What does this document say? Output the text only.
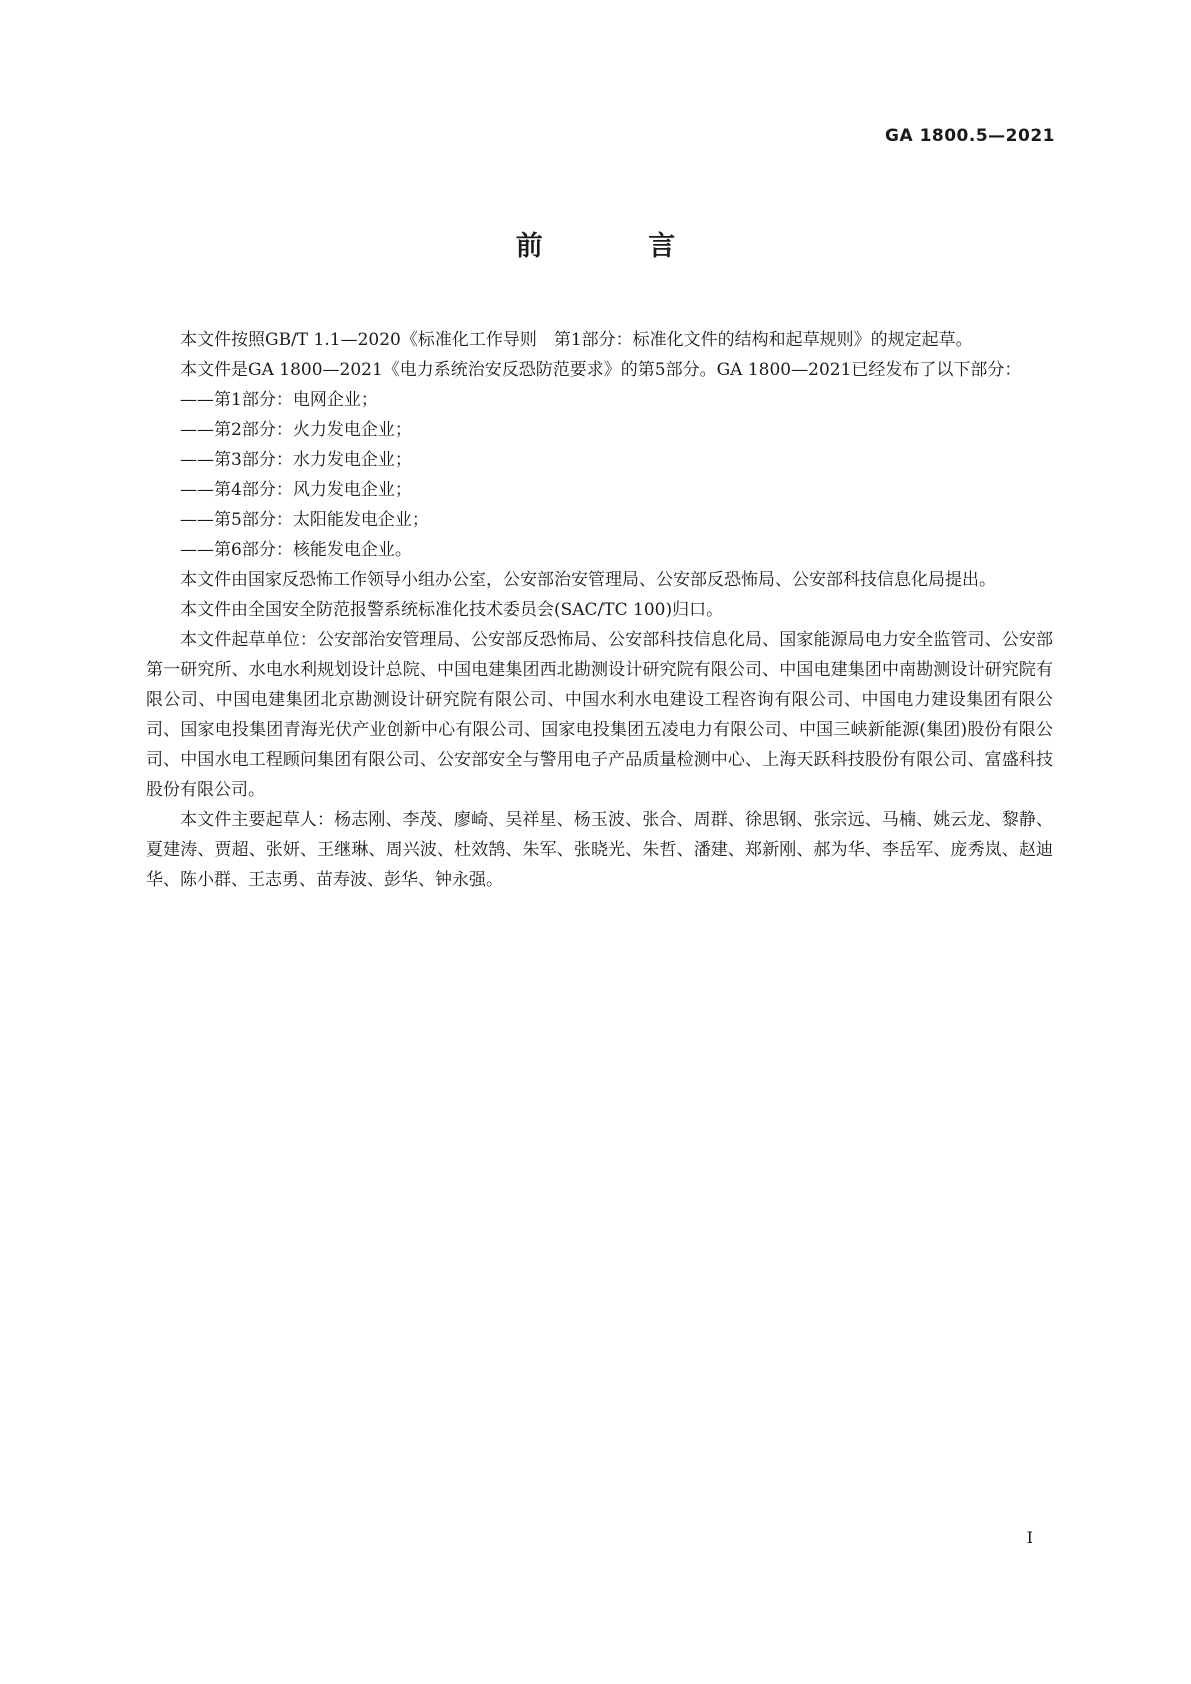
GA 1800.5—2021
前 言

本文件按照GB/T 1.1—2020《标准化工作导则　第1部分：标准化文件的结构和起草规则》的规定起草。

本文件是GA 1800—2021《电力系统治安反恐防范要求》的第5部分。GA 1800—2021已经发布了以下部分：

——第1部分：电网企业；

——第2部分：火力发电企业；

——第3部分：水力发电企业；

——第4部分：风力发电企业；

——第5部分：太阳能发电企业；

——第6部分：核能发电企业。

本文件由国家反恐怖工作领导小组办公室，公安部治安管理局、公安部反恐怖局、公安部科技信息化局提出。

本文件由全国安全防范报警系统标准化技术委员会(SAC/TC 100)归口。

本文件起草单位：公安部治安管理局、公安部反恐怖局、公安部科技信息化局、国家能源局电力安全监管司、公安部第一研究所、水电水利规划设计总院、中国电建集团西北勘测设计研究院有限公司、中国电建集团中南勘测设计研究院有限公司、中国电建集团北京勘测设计研究院有限公司、中国水利水电建设工程咨询有限公司、中国电力建设集团有限公司、国家电投集团青海光伏产业创新中心有限公司、国家电投集团五凌电力有限公司、中国三峡新能源(集团)股份有限公司、中国水电工程顾问集团有限公司、公安部安全与警用电子产品质量检测中心、上海天跃科技股份有限公司、富盛科技股份有限公司。

本文件主要起草人：杨志刚、李茂、廖崎、吴祥星、杨玉波、张合、周群、徐思钢、张宗远、马楠、姚云龙、黎静、夏建涛、贾超、张妍、王继琳、周兴波、杜效鹄、朱军、张晓光、朱哲、潘建、郑新刚、郝为华、李岳军、庞秀岚、赵迪华、陈小群、王志勇、苗寿波、彭华、钟永强。

I
